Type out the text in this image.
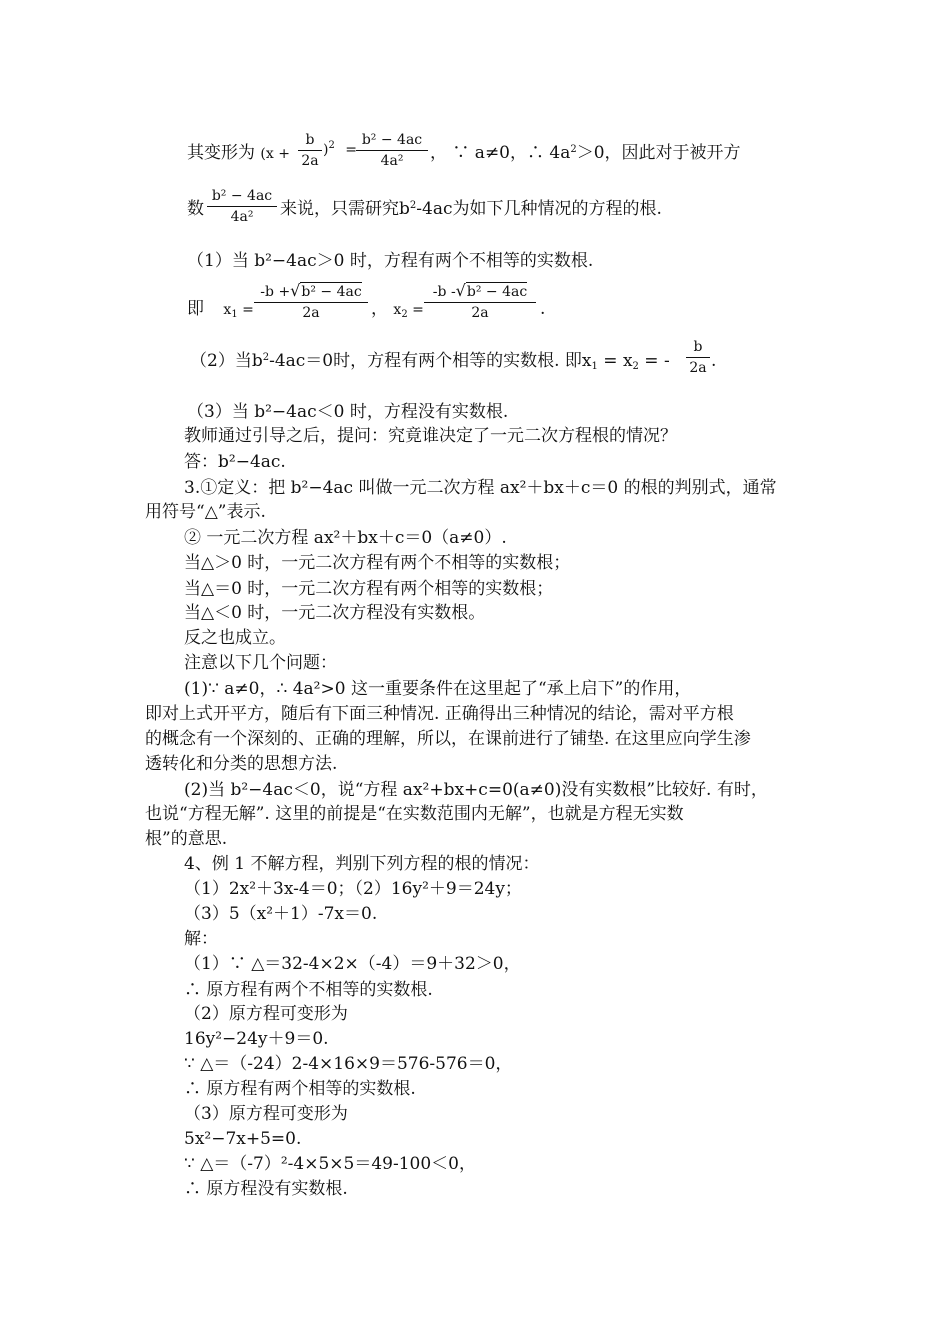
其变形为 $(x + \frac{b}{2a} )^2$ =
$\frac{\text{b² − 4ac}}{\text{4a²}}$ ， ∵ a≠0，∴ $4a^2>0$，因此对于被开方
数 $\frac{\text{b² − 4ac}}{\text{4a²}}$ 来说，只需研究$b^2-4ac$为如下几种情况的方程的根.
（1）当 b²−4ac＞0 时，方程有两个不相等的实数根.
即 $x_1 = \frac{\text{-b +√b² − 4ac}}{2a}$ ， $x_2 = \frac{\text{-b -√b² − 4ac}}{2a}$ .
（2）当$b^2-4ac=0$时，方程有两个相等的实数根. 即$x_1 = x_2$ = - $\frac{b}{2a}$ .
（3）当 b²−4ac＜0 时，方程没有实数根.
教师通过引导之后，提问：究竟谁决定了一元二次方程根的情况？
答：b²−4ac.
3.①定义：把 b²−4ac 叫做一元二次方程 ax²＋bx＋c＝0 的根的判别式，通常
用符号“△”表示.
② 一元二次方程 ax²＋bx＋c＝0（a≠0）.
当△＞0 时，一元二次方程有两个不相等的实数根；
当△＝0 时，一元二次方程有两个相等的实数根；
当△＜0 时，一元二次方程没有实数根。
反之也成立。
注意以下几个问题：
(1)∵ a≠0，∴ 4a²>0 这一重要条件在这里起了“承上启下”的作用，
即对上式开平方，随后有下面三种情况. 正确得出三种情况的结论，需对平方根
的概念有一个深刻的、正确的理解，所以，在课前进行了铺垫. 在这里应向学生渗
透转化和分类的思想方法.
(2)当 b²−4ac＜0，说“方程 ax²+bx+c=0(a≠0)没有实数根”比较好. 有时，
也说“方程无解”. 这里的前提是“在实数范围内无解”，也就是方程无实数
根”的意思.
4、例 1 不解方程，判别下列方程的根的情况：
（1）2x²＋3x-4＝0；（2）16y²＋9＝24y；
（3）5（x²＋1）-7x＝0.
解：
（1）∵ △＝32-4×2×（-4）＝9＋32＞0，
∴ 原方程有两个不相等的实数根.
（2）原方程可变形为
16y²−24y＋9＝0.
∵ △＝（-24）2-4×16×9＝576-576＝0，
∴ 原方程有两个相等的实数根.
（3）原方程可变形为
5x²−7x+5=0.
∵ △＝（-7）²-4×5×5＝49-100＜0，
∴ 原方程没有实数根.
